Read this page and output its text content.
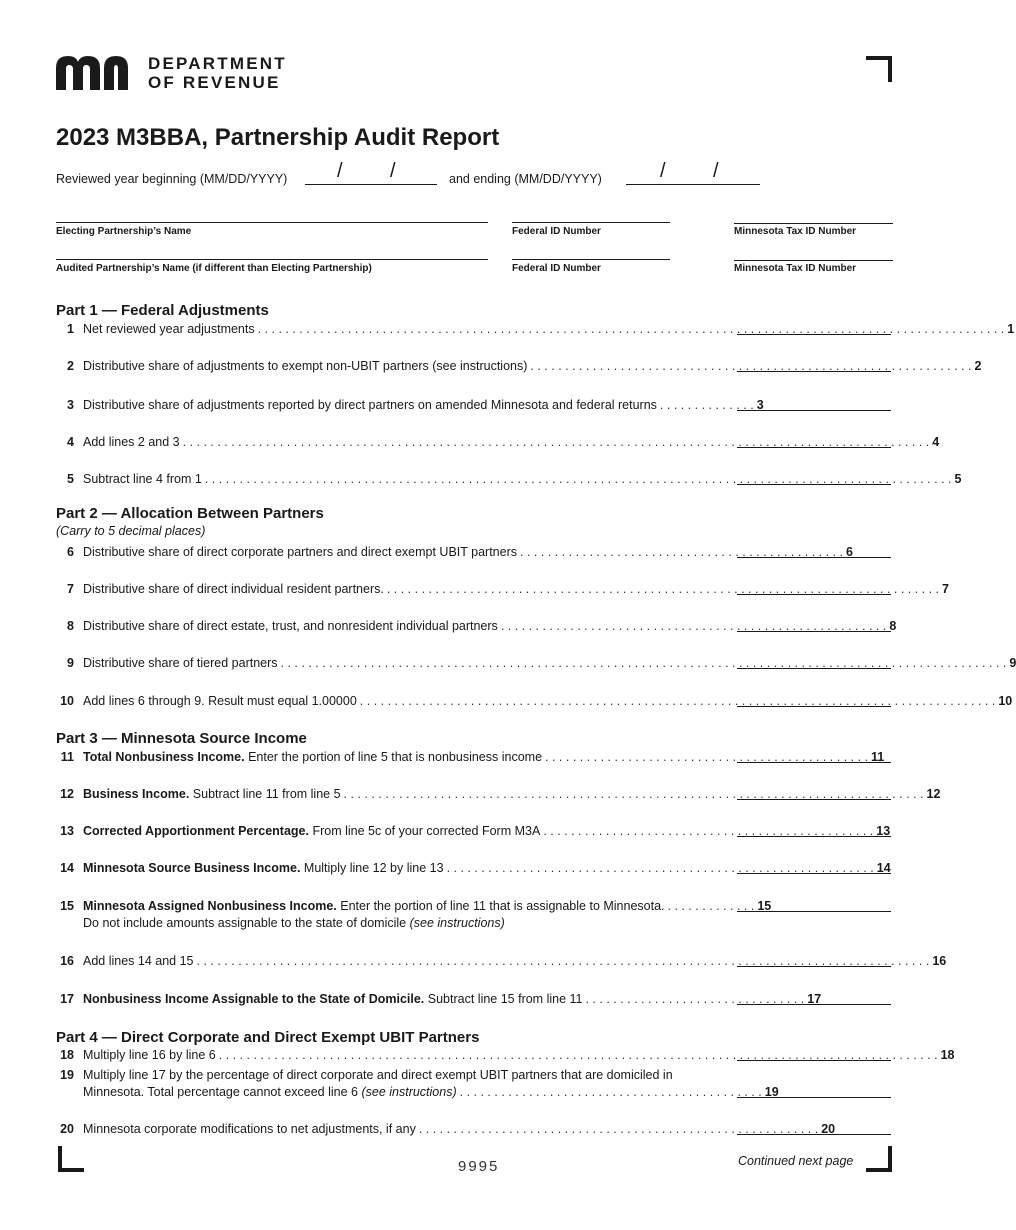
DEPARTMENT
OF REVENUE
2023 M3BBA, Partnership Audit Report
Reviewed year beginning (MM/DD/YYYY) / /	and ending (MM/DD/YYYY)	/ /
Electing Partnership’s Name	Federal ID Number	Minnesota Tax ID Number
Audited Partnership’s Name (if different than Electing Partnership)	Federal ID Number	Minnesota Tax ID Number
Part 1 — Federal Adjustments
1 Net reviewed year adjustments . . . . . . . . . . . . . . . . . . . . . . . . . . . . . . . . . . . . . . . . . . . . . . . . . . . . . . . . . . . . . . . . . . . . . . . . . . . . . . . . . . . . . . . . . . . . . . . . . . . . . . . . . . . . 1
2 Distributive share of adjustments to exempt non-UBIT partners (see instructions) . . . . . . . . . . . . . . . . . . . . . . . . . . . . . . . . . . . . . . . . . . . . . . . . . . . . . . . . . . . . . . . . 2
3 Distributive share of adjustments reported by direct partners on amended Minnesota and federal returns . . . . . . . . . . . . . . 3
4 Add lines 2 and 3 . . . . . . . . . . . . . . . . . . . . . . . . . . . . . . . . . . . . . . . . . . . . . . . . . . . . . . . . . . . . . . . . . . . . . . . . . . . . . . . . . . . . . . . . . . . . . . . . . . . . . . . . . . . . 4
5 Subtract line 4 from 1 . . . . . . . . . . . . . . . . . . . . . . . . . . . . . . . . . . . . . . . . . . . . . . . . . . . . . . . . . . . . . . . . . . . . . . . . . . . . . . . . . . . . . . . . . . . . . . . . . . . . . . . . . . . . 5
Part 2 — Allocation Between Partners
(Carry to 5 decimal places)
6 Distributive share of direct corporate partners and direct exempt UBIT partners . . . . . . . . . . . . . . . . . . . . . . . . . . . . . . . . . . . . . . . . . . . . . . . 6
7 Distributive share of direct individual resident partners. . . . . . . . . . . . . . . . . . . . . . . . . . . . . . . . . . . . . . . . . . . . . . . . . . . . . . . . . . . . . . . . . . . . . . . . . . . . . . . . . 7
8 Distributive share of direct estate, trust, and nonresident individual partners . . . . . . . . . . . . . . . . . . . . . . . . . . . . . . . . . . . . . . . . . . . . . . . . . . . . . . . . 8
9 Distributive share of tiered partners . . . . . . . . . . . . . . . . . . . . . . . . . . . . . . . . . . . . . . . . . . . . . . . . . . . . . . . . . . . . . . . . . . . . . . . . . . . . . . . . . . . . . . . . . . . . . . . . . . . . . . . . . 9
10 Add lines 6 through 9. Result must equal 1.00000 . . . . . . . . . . . . . . . . . . . . . . . . . . . . . . . . . . . . . . . . . . . . . . . . . . . . . . . . . . . . . . . . . . . . . . . . . . . . . . . . . . . . . . . . . . . . 10
Part 3 — Minnesota Source Income
11 Total Nonbusiness Income. Enter the portion of line 5 that is nonbusiness income . . . . . . . . . . . . . . . . . . . . . . . . . . . . . . . . . . . . . . . . . . . . . . . 11
12 Business Income. Subtract line 11 from line 5 . . . . . . . . . . . . . . . . . . . . . . . . . . . . . . . . . . . . . . . . . . . . . . . . . . . . . . . . . . . . . . . . . . . . . . . . . . . . . . . . . . . . 12
13 Corrected Apportionment Percentage. From line 5c of your corrected Form M3A . . . . . . . . . . . . . . . . . . . . . . . . . . . . . . . . . . . . . . . . . . . . . . . . 13
14 Minnesota Source Business Income. Multiply line 12 by line 13 . . . . . . . . . . . . . . . . . . . . . . . . . . . . . . . . . . . . . . . . . . . . . . . . . . . . . . . . . . . . . . 14
15 Minnesota Assigned Nonbusiness Income. Enter the portion of line 11 that is assignable to Minnesota. . . . . . . . . . . . . . 15
Do not include amounts assignable to the state of domicile (see instructions)
16 Add lines 14 and 15 . . . . . . . . . . . . . . . . . . . . . . . . . . . . . . . . . . . . . . . . . . . . . . . . . . . . . . . . . . . . . . . . . . . . . . . . . . . . . . . . . . . . . . . . . . . . . . . . . . . . . . . . . . 16
17 Nonbusiness Income Assignable to the State of Domicile. Subtract line 15 from line 11 . . . . . . . . . . . . . . . . . . . . . . . . . . . . . . . . 17
Part 4 — Direct Corporate and Direct Exempt UBIT Partners
18 Multiply line 16 by line 6 . . . . . . . . . . . . . . . . . . . . . . . . . . . . . . . . . . . . . . . . . . . . . . . . . . . . . . . . . . . . . . . . . . . . . . . . . . . . . . . . . . . . . . . . . . . . . . . . . . . . . . . . 18
19 Multiply line 17 by the percentage of direct corporate and direct exempt UBIT partners that are domiciled in
Minnesota. Total percentage cannot exceed line 6 (see instructions) . . . . . . . . . . . . . . . . . . . . . . . . . . . . . . . . . . . . . . . . . . . . 19
20 Minnesota corporate modifications to net adjustments, if any . . . . . . . . . . . . . . . . . . . . . . . . . . . . . . . . . . . . . . . . . . . . . . . . . . . . . . . . . . 20
9995	Continued next page
